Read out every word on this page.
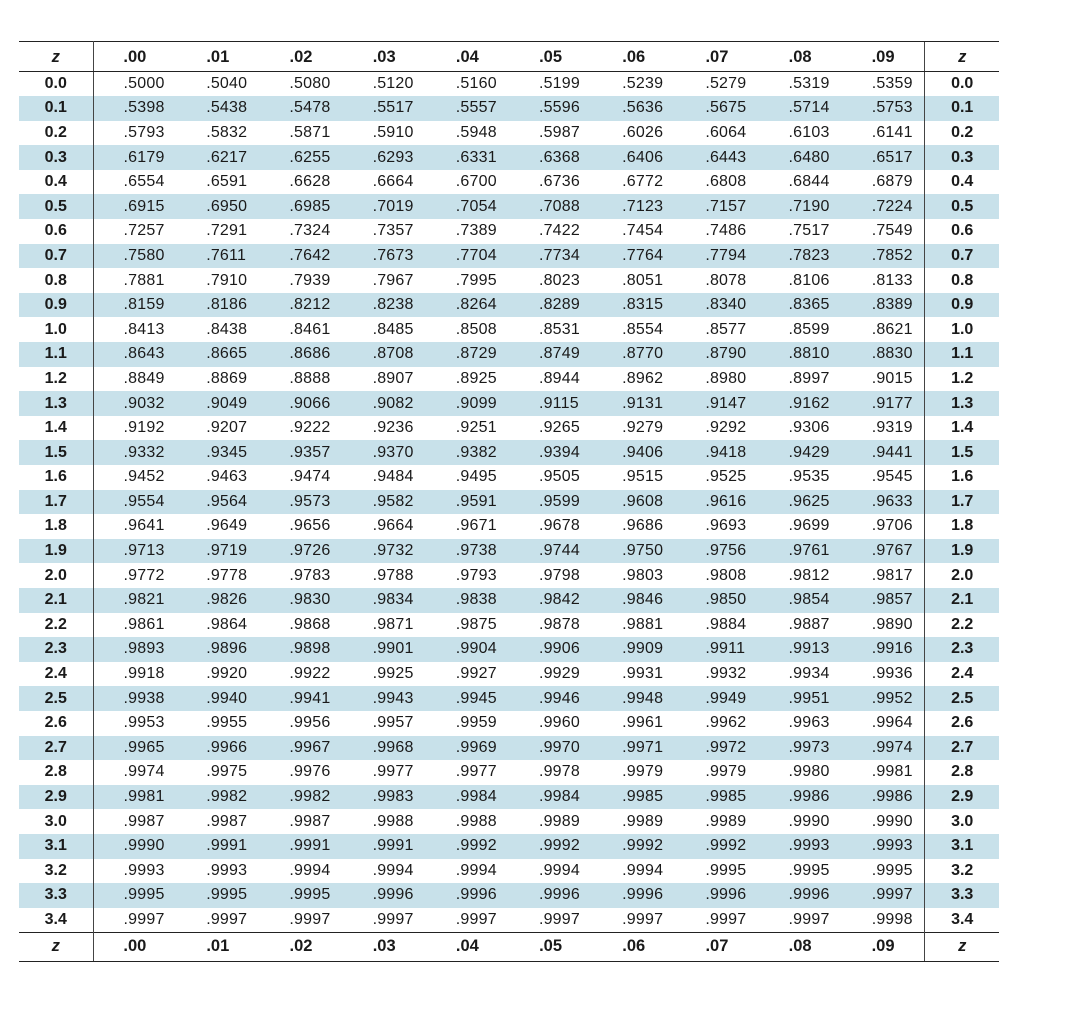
z	.00	.01	.02	.03	.04	.05	.06	.07	.08	.09	z
0.0	.5000	.5040	.5080	.5120	.5160	.5199	.5239	.5279	.5319	.5359	0.0
0.1	.5398	.5438	.5478	.5517	.5557	.5596	.5636	.5675	.5714	.5753	0.1
0.2	.5793	.5832	.5871	.5910	.5948	.5987	.6026	.6064	.6103	.6141	0.2
0.3	.6179	.6217	.6255	.6293	.6331	.6368	.6406	.6443	.6480	.6517	0.3
0.4	.6554	.6591	.6628	.6664	.6700	.6736	.6772	.6808	.6844	.6879	0.4
0.5	.6915	.6950	.6985	.7019	.7054	.7088	.7123	.7157	.7190	.7224	0.5
0.6	.7257	.7291	.7324	.7357	.7389	.7422	.7454	.7486	.7517	.7549	0.6
0.7	.7580	.7611	.7642	.7673	.7704	.7734	.7764	.7794	.7823	.7852	0.7
0.8	.7881	.7910	.7939	.7967	.7995	.8023	.8051	.8078	.8106	.8133	0.8
0.9	.8159	.8186	.8212	.8238	.8264	.8289	.8315	.8340	.8365	.8389	0.9
1.0	.8413	.8438	.8461	.8485	.8508	.8531	.8554	.8577	.8599	.8621	1.0
1.1	.8643	.8665	.8686	.8708	.8729	.8749	.8770	.8790	.8810	.8830	1.1
1.2	.8849	.8869	.8888	.8907	.8925	.8944	.8962	.8980	.8997	.9015	1.2
1.3	.9032	.9049	.9066	.9082	.9099	.9115	.9131	.9147	.9162	.9177	1.3
1.4	.9192	.9207	.9222	.9236	.9251	.9265	.9279	.9292	.9306	.9319	1.4
1.5	.9332	.9345	.9357	.9370	.9382	.9394	.9406	.9418	.9429	.9441	1.5
1.6	.9452	.9463	.9474	.9484	.9495	.9505	.9515	.9525	.9535	.9545	1.6
1.7	.9554	.9564	.9573	.9582	.9591	.9599	.9608	.9616	.9625	.9633	1.7
1.8	.9641	.9649	.9656	.9664	.9671	.9678	.9686	.9693	.9699	.9706	1.8
1.9	.9713	.9719	.9726	.9732	.9738	.9744	.9750	.9756	.9761	.9767	1.9
2.0	.9772	.9778	.9783	.9788	.9793	.9798	.9803	.9808	.9812	.9817	2.0
2.1	.9821	.9826	.9830	.9834	.9838	.9842	.9846	.9850	.9854	.9857	2.1
2.2	.9861	.9864	.9868	.9871	.9875	.9878	.9881	.9884	.9887	.9890	2.2
2.3	.9893	.9896	.9898	.9901	.9904	.9906	.9909	.9911	.9913	.9916	2.3
2.4	.9918	.9920	.9922	.9925	.9927	.9929	.9931	.9932	.9934	.9936	2.4
2.5	.9938	.9940	.9941	.9943	.9945	.9946	.9948	.9949	.9951	.9952	2.5
2.6	.9953	.9955	.9956	.9957	.9959	.9960	.9961	.9962	.9963	.9964	2.6
2.7	.9965	.9966	.9967	.9968	.9969	.9970	.9971	.9972	.9973	.9974	2.7
2.8	.9974	.9975	.9976	.9977	.9977	.9978	.9979	.9979	.9980	.9981	2.8
2.9	.9981	.9982	.9982	.9983	.9984	.9984	.9985	.9985	.9986	.9986	2.9
3.0	.9987	.9987	.9987	.9988	.9988	.9989	.9989	.9989	.9990	.9990	3.0
3.1	.9990	.9991	.9991	.9991	.9992	.9992	.9992	.9992	.9993	.9993	3.1
3.2	.9993	.9993	.9994	.9994	.9994	.9994	.9994	.9995	.9995	.9995	3.2
3.3	.9995	.9995	.9995	.9996	.9996	.9996	.9996	.9996	.9996	.9997	3.3
3.4	.9997	.9997	.9997	.9997	.9997	.9997	.9997	.9997	.9997	.9998	3.4
z	.00	.01	.02	.03	.04	.05	.06	.07	.08	.09	z
